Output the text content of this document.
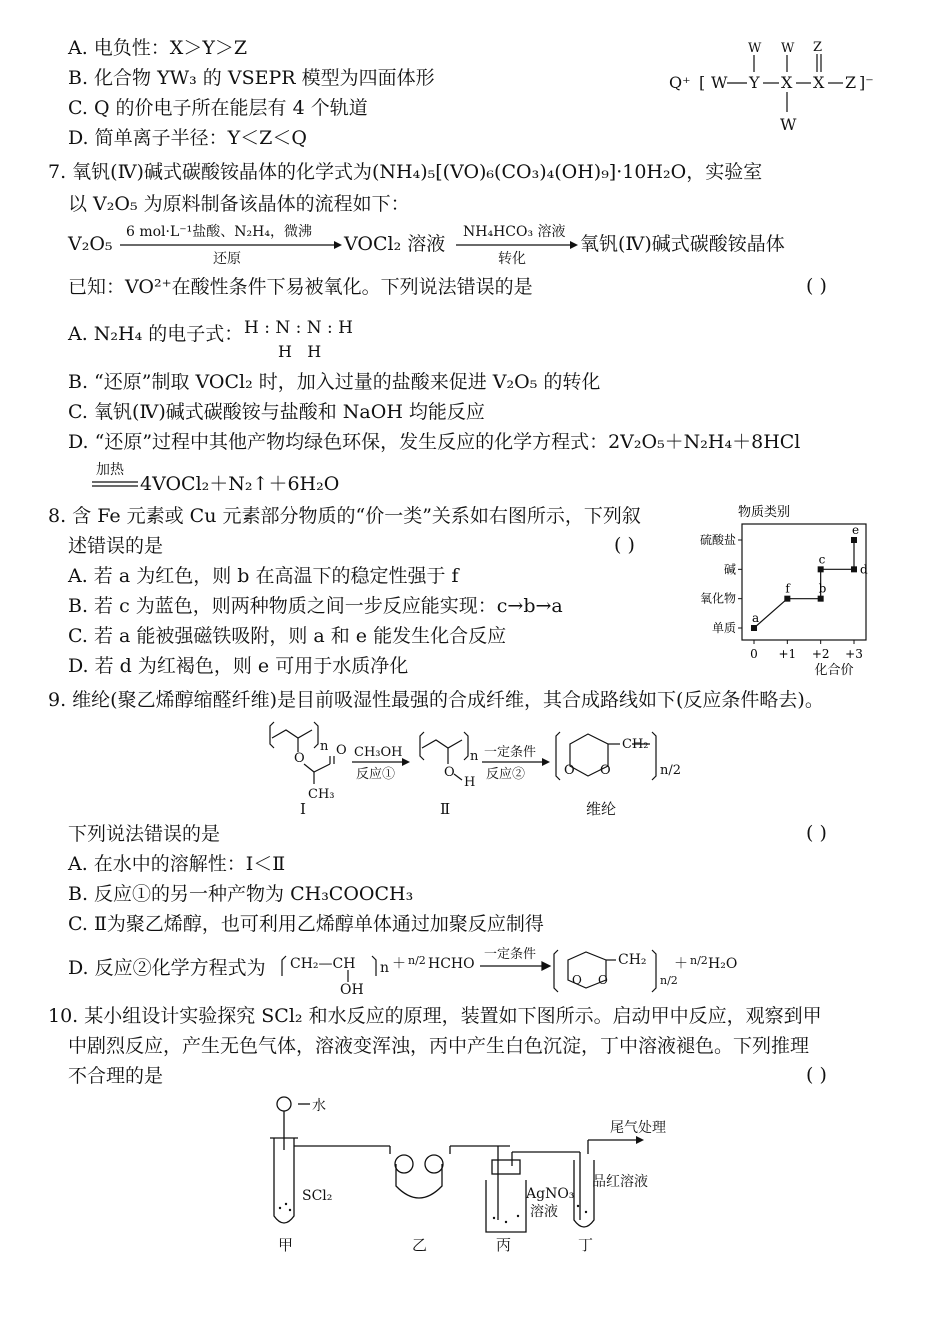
A. 电负性：X＞Y＞Z
B. 化合物 YW₃ 的 VSEPR 模型为四面体形
C. Q 的价电子所在能层有 4 个轨道
D. 简单离子半径：Y＜Z＜Q
Q⁺ [ W Y
W
X
W
W
X
Z
Z ]⁻
7. 氧钒(Ⅳ)碱式碳酸铵晶体的化学式为(NH₄)₅[(VO)₆(CO₃)₄(OH)₉]·10H₂O，实验室
以 V₂O₅ 为原料制备该晶体的流程如下：
V₂O₅
6 mol·L⁻¹盐酸、N₂H₄，微沸
还原
VOCl₂ 溶液
NH₄HCO₃ 溶液
转化
氧钒(Ⅳ)碱式碳酸铵晶体
已知：VO²⁺在酸性条件下易被氧化。下列说法错误的是	( )
A. N₂H₄ 的电子式： H : N : N : H
H   H
B. “还原”制取 VOCl₂ 时，加入过量的盐酸来促进 V₂O₅ 的转化
C. 氧钒(Ⅳ)碱式碳酸铵与盐酸和 NaOH 均能反应
D. “还原”过程中其他产物均绿色环保，发生反应的化学方程式：2V₂O₅＋N₂H₄＋8HCl
加热
4VOCl₂＋N₂↑＋6H₂O
8. 含 Fe 元素或 Cu 元素部分物质的“价一类”关系如右图所示，下列叙
述错误的是	( )
A. 若 a 为红色，则 b 在高温下的稳定性强于 f
B. 若 c 为蓝色，则两种物质之间一步反应能实现：c→b→a
C. 若 a 能被强磁铁吸附，则 a 和 e 能发生化合反应
D. 若 d 为红褐色，则 e 可用于水质净化
物质类别
单质
氧化物
碱
硫酸盐
0 +1 +2 +3
化合价
a
f b
c
d
e
9. 维纶(聚乙烯醇缩醛纤维)是目前吸湿性最强的合成纤维，其合成路线如下(反应条件略去)。
n
O
O
CH₃
CH₃OH
反应①
n
O
H
一定条件
反应②	O O
CH₂
n/2
Ⅰ	Ⅱ	维纶
下列说法错误的是	( )
A. 在水中的溶解性：Ⅰ＜Ⅱ
B. 反应①的另一种产物为 CH₃COOCH₃
C. Ⅱ为聚乙烯醇，也可利用乙烯醇单体通过加聚反应制得
D. 反应②化学方程式为 CH₂—CH
OH
n ＋ n/2 HCHO
一定条件
O O
CH₂
n/2
＋ n/2 H₂O
10. 某小组设计实验探究 SCl₂ 和水反应的原理，装置如下图所示。启动甲中反应，观察到甲
中剧烈反应，产生无色气体，溶液变浑浊，丙中产生白色沉淀，丁中溶液褪色。下列推理
不合理的是	( )
水
SCl₂
尾气处理
AgNO₃
溶液
品红溶液
甲	乙	丙	丁
